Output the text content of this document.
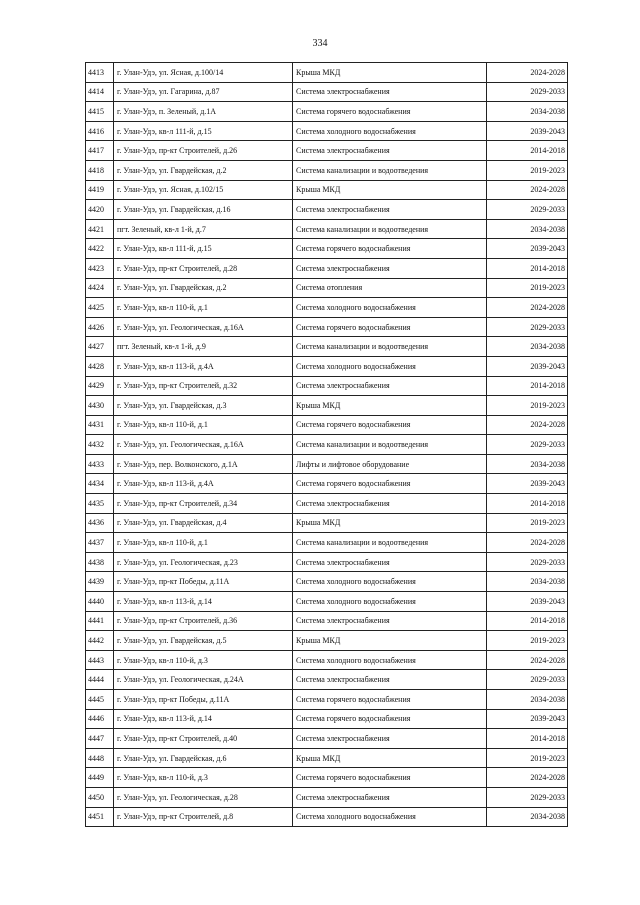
334
4413	г. Улан-Удэ, ул. Ясная, д.100/14	Крыша МКД	2024-2028
4414	г. Улан-Удэ, ул. Гагарина, д.87	Система электроснабжения	2029-2033
4415	г. Улан-Удэ, п. Зеленый, д.1А	Система горячего водоснабжения	2034-2038
4416	г. Улан-Удэ, кв-л 111-й, д.15	Система холодного водоснабжения	2039-2043
4417	г. Улан-Удэ, пр-кт Строителей, д.26	Система электроснабжения	2014-2018
4418	г. Улан-Удэ, ул. Гвардейская, д.2	Система канализации и водоотведения	2019-2023
4419	г. Улан-Удэ, ул. Ясная, д.102/15	Крыша МКД	2024-2028
4420	г. Улан-Удэ, ул. Гвардейская, д.16	Система электроснабжения	2029-2033
4421	пгт. Зеленый, кв-л 1-й, д.7	Система канализации и водоотведения	2034-2038
4422	г. Улан-Удэ, кв-л 111-й, д.15	Система горячего водоснабжения	2039-2043
4423	г. Улан-Удэ, пр-кт Строителей, д.28	Система электроснабжения	2014-2018
4424	г. Улан-Удэ, ул. Гвардейская, д.2	Система отопления	2019-2023
4425	г. Улан-Удэ, кв-л 110-й, д.1	Система холодного водоснабжения	2024-2028
4426	г. Улан-Удэ, ул. Геологическая, д.16А	Система горячего водоснабжения	2029-2033
4427	пгт. Зеленый, кв-л 1-й, д.9	Система канализации и водоотведения	2034-2038
4428	г. Улан-Удэ, кв-л 113-й, д.4А	Система холодного водоснабжения	2039-2043
4429	г. Улан-Удэ, пр-кт Строителей, д.32	Система электроснабжения	2014-2018
4430	г. Улан-Удэ, ул. Гвардейская, д.3	Крыша МКД	2019-2023
4431	г. Улан-Удэ, кв-л 110-й, д.1	Система горячего водоснабжения	2024-2028
4432	г. Улан-Удэ, ул. Геологическая, д.16А	Система канализации и водоотведения	2029-2033
4433	г. Улан-Удэ, пер. Волконского, д.1А	Лифты и лифтовое оборудование	2034-2038
4434	г. Улан-Удэ, кв-л 113-й, д.4А	Система горячего водоснабжения	2039-2043
4435	г. Улан-Удэ, пр-кт Строителей, д.34	Система электроснабжения	2014-2018
4436	г. Улан-Удэ, ул. Гвардейская, д.4	Крыша МКД	2019-2023
4437	г. Улан-Удэ, кв-л 110-й, д.1	Система канализации и водоотведения	2024-2028
4438	г. Улан-Удэ, ул. Геологическая, д.23	Система электроснабжения	2029-2033
4439	г. Улан-Удэ, пр-кт Победы, д.11А	Система холодного водоснабжения	2034-2038
4440	г. Улан-Удэ, кв-л 113-й, д.14	Система холодного водоснабжения	2039-2043
4441	г. Улан-Удэ, пр-кт Строителей, д.36	Система электроснабжения	2014-2018
4442	г. Улан-Удэ, ул. Гвардейская, д.5	Крыша МКД	2019-2023
4443	г. Улан-Удэ, кв-л 110-й, д.3	Система холодного водоснабжения	2024-2028
4444	г. Улан-Удэ, ул. Геологическая, д.24А	Система электроснабжения	2029-2033
4445	г. Улан-Удэ, пр-кт Победы, д.11А	Система горячего водоснабжения	2034-2038
4446	г. Улан-Удэ, кв-л 113-й, д.14	Система горячего водоснабжения	2039-2043
4447	г. Улан-Удэ, пр-кт Строителей, д.40	Система электроснабжения	2014-2018
4448	г. Улан-Удэ, ул. Гвардейская, д.6	Крыша МКД	2019-2023
4449	г. Улан-Удэ, кв-л 110-й, д.3	Система горячего водоснабжения	2024-2028
4450	г. Улан-Удэ, ул. Геологическая, д.28	Система электроснабжения	2029-2033
4451	г. Улан-Удэ, пр-кт Строителей, д.8	Система холодного водоснабжения	2034-2038
